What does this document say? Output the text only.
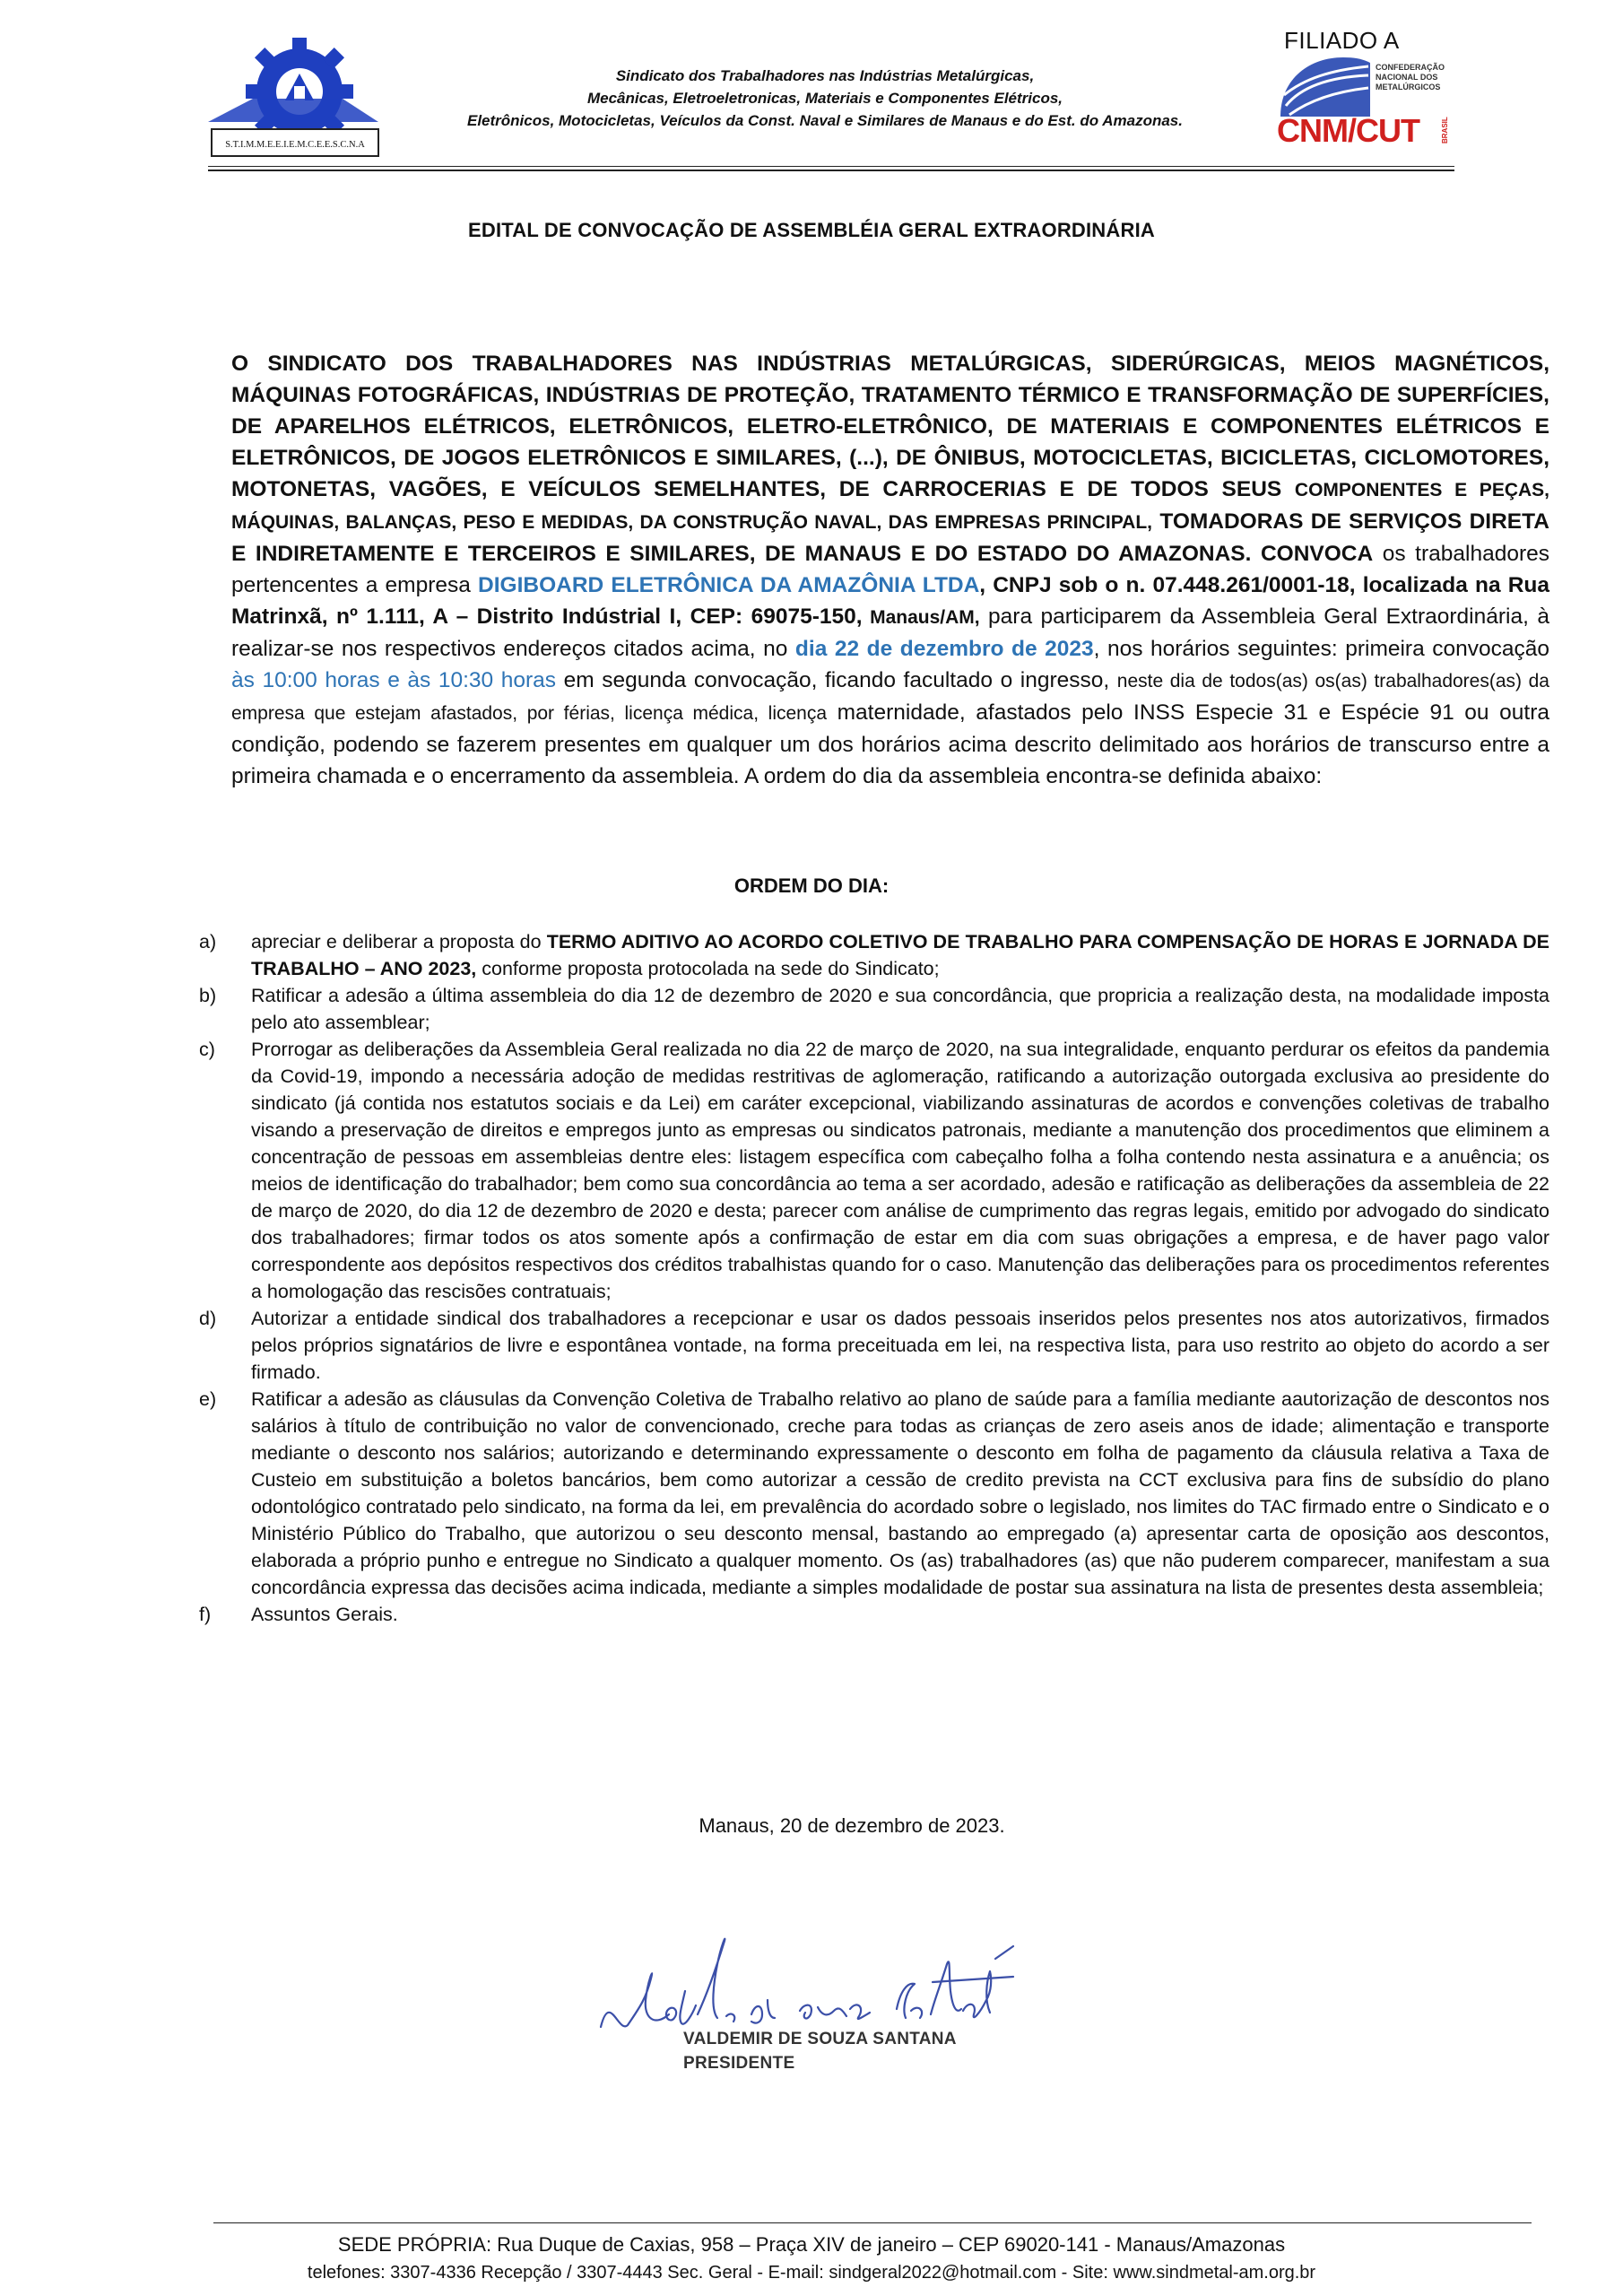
S.T.I.M.M.E.E.I.E.M.C.E.E.S.C.N.A
Sindicato dos Trabalhadores nas Indústrias Metalúrgicas,
Mecânicas, Eletroeletronicas, Materiais e Componentes Elétricos,
Eletrônicos, Motocicletas, Veículos da Const. Naval e Similares de Manaus e do Est. do Amazonas.
FILIADO A
CONFEDERAÇÃO
NACIONAL DOS
METALÚRGICOS
CNM/CUT	BRASIL
EDITAL DE CONVOCAÇÃO DE ASSEMBLÉIA GERAL EXTRAORDINÁRIA
O SINDICATO DOS TRABALHADORES NAS INDÚSTRIAS METALÚRGICAS, SIDERÚRGICAS, MEIOS MAGNÉTICOS, MÁQUINAS FOTOGRÁFICAS, INDÚSTRIAS DE PROTEÇÃO, TRATAMENTO TÉRMICO E TRANSFORMAÇÃO DE SUPERFÍCIES, DE APARELHOS ELÉTRICOS, ELETRÔNICOS, ELETRO-ELETRÔNICO, DE MATERIAIS E COMPONENTES ELÉTRICOS E ELETRÔNICOS, DE JOGOS ELETRÔNICOS E SIMILARES, (...), DE ÔNIBUS, MOTOCICLETAS, BICICLETAS, CICLOMOTORES, MOTONETAS, VAGÕES, E VEÍCULOS SEMELHANTES, DE CARROCERIAS E DE TODOS SEUS COMPONENTES E PEÇAS, MÁQUINAS, BALANÇAS, PESO E MEDIDAS, DA CONSTRUÇÃO NAVAL, DAS EMPRESAS PRINCIPAL, TOMADORAS DE SERVIÇOS DIRETA E INDIRETAMENTE E TERCEIROS E SIMILARES, DE MANAUS E DO ESTADO DO AMAZONAS. CONVOCA os trabalhadores pertencentes a empresa DIGIBOARD ELETRÔNICA DA AMAZÔNIA LTDA, CNPJ sob o n. 07.448.261/0001-18, localizada na Rua Matrinxã, nº 1.111, A – Distrito Indústrial I, CEP: 69075-150, Manaus/AM, para participarem da Assembleia Geral Extraordinária, à realizar-se nos respectivos endereços citados acima, no dia 22 de dezembro de 2023, nos horários seguintes: primeira convocação às 10:00 horas e às 10:30 horas em segunda convocação, ficando facultado o ingresso, neste dia de todos(as) os(as) trabalhadores(as) da empresa que estejam afastados, por férias, licença médica, licença maternidade, afastados pelo INSS Especie 31 e Espécie 91 ou outra condição, podendo se fazerem presentes em qualquer um dos horários acima descrito delimitado aos horários de transcurso entre a primeira chamada e o encerramento da assembleia. A ordem do dia da assembleia encontra-se definida abaixo:
ORDEM DO DIA:
a)	apreciar e deliberar a proposta do TERMO ADITIVO AO ACORDO COLETIVO DE TRABALHO PARA COMPENSAÇÃO DE HORAS E JORNADA DE TRABALHO – ANO 2023, conforme proposta protocolada na sede do Sindicato;
b)	Ratificar a adesão a última assembleia do dia 12 de dezembro de 2020 e sua concordância, que propricia a realização desta, na modalidade imposta pelo ato assemblear;
c)	Prorrogar as deliberações da Assembleia Geral realizada no dia 22 de março de 2020, na sua integralidade, enquanto perdurar os efeitos da pandemia da Covid-19, impondo a necessária adoção de medidas restritivas de aglomeração, ratificando a autorização outorgada exclusiva ao presidente do sindicato (já contida nos estatutos sociais e da Lei) em caráter excepcional, viabilizando assinaturas de acordos e convenções coletivas de trabalho visando a preservação de direitos e empregos junto as empresas ou sindicatos patronais, mediante a manutenção dos procedimentos que eliminem a concentração de pessoas em assembleias dentre eles: listagem específica com cabeçalho folha a folha contendo nesta assinatura e a anuência; os meios de identificação do trabalhador; bem como sua concordância ao tema a ser acordado, adesão e ratificação as deliberações da assembleia de 22 de março de 2020, do dia 12 de dezembro de 2020 e desta; parecer com análise de cumprimento das regras legais, emitido por advogado do sindicato dos trabalhadores; firmar todos os atos somente após a confirmação de estar em dia com suas obrigações a empresa, e de haver pago valor correspondente aos depósitos respectivos dos créditos trabalhistas quando for o caso. Manutenção das deliberações para os procedimentos referentes a homologação das rescisões contratuais;
d)	Autorizar a entidade sindical dos trabalhadores a recepcionar e usar os dados pessoais inseridos pelos presentes nos atos autorizativos, firmados pelos próprios signatários de livre e espontânea vontade, na forma preceituada em lei, na respectiva lista, para uso restrito ao objeto do acordo a ser firmado.
e)	Ratificar a adesão as cláusulas da Convenção Coletiva de Trabalho relativo ao plano de saúde para a família mediante aautorização de descontos nos salários à título de contribuição no valor de convencionado, creche para todas as crianças de zero aseis anos de idade; alimentação e transporte mediante o desconto nos salários; autorizando e determinando expressamente o desconto em folha de pagamento da cláusula relativa a Taxa de Custeio em substituição a boletos bancários, bem como autorizar a cessão de credito prevista na CCT exclusiva para fins de subsídio do plano odontológico contratado pelo sindicato, na forma da lei, em prevalência do acordado sobre o legislado, nos limites do TAC firmado entre o Sindicato e o Ministério Público do Trabalho, que autorizou o seu desconto mensal, bastando ao empregado (a) apresentar carta de oposição aos descontos, elaborada a próprio punho e entregue no Sindicato a qualquer momento. Os (as) trabalhadores (as) que não puderem comparecer, manifestam a sua concordância expressa das decisões acima indicada, mediante a simples modalidade de postar sua assinatura na lista de presentes desta assembleia;
f)	Assuntos Gerais.
Manaus, 20 de dezembro de 2023.
VALDEMIR DE SOUZA SANTANA
PRESIDENTE
SEDE PRÓPRIA: Rua Duque de Caxias, 958 – Praça XIV de janeiro – CEP 69020-141 - Manaus/Amazonas
telefones: 3307-4336 Recepção / 3307-4443 Sec. Geral - E-mail: sindgeral2022@hotmail.com - Site: www.sindmetal-am.org.br
